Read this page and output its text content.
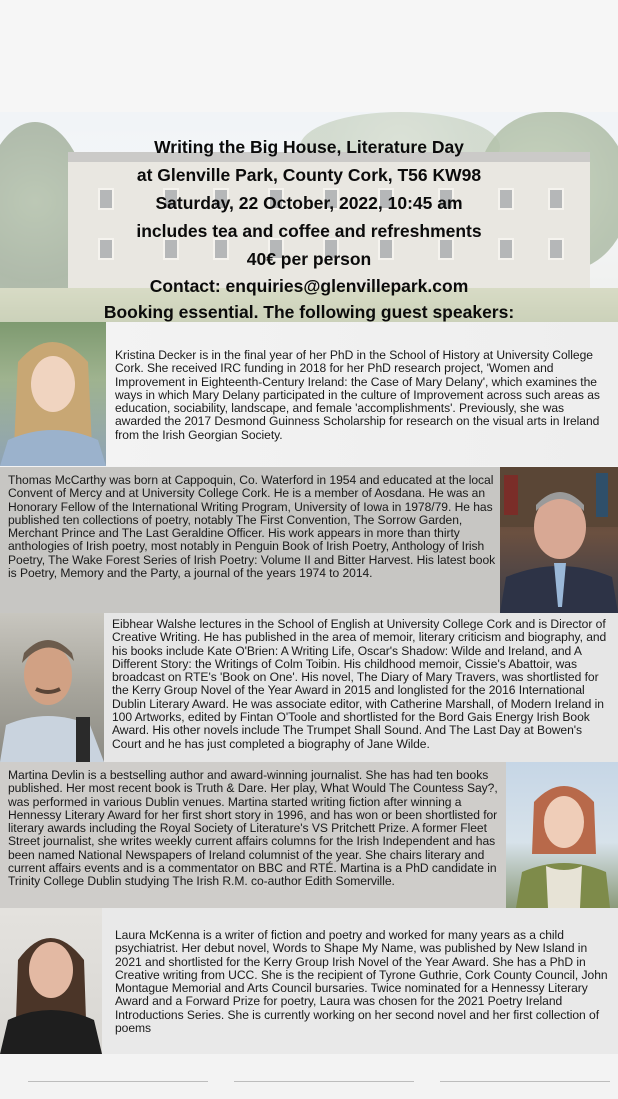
Writing the Big House, Literature Day
at Glenville Park, County Cork, T56 KW98
Saturday, 22 October, 2022, 10:45 am
includes tea and coffee and refreshments
40€ per person
Contact: enquiries@glenvillepark.com
Booking essential. The following guest speakers:
Kristina Decker is in the final year of her PhD in the School of History at University College Cork. She received IRC funding in 2018 for her PhD research project, 'Women and Improvement in Eighteenth-Century Ireland: the Case of Mary Delany', which examines the ways in which Mary Delany participated in the culture of Improvement across such areas as education, sociability, landscape, and female 'accomplishments'. Previously, she was awarded the 2017 Desmond Guinness Scholarship for research on the visual arts in Ireland from the Irish Georgian Society.
Thomas McCarthy was born at Cappoquin, Co. Waterford in 1954 and educated at the local Convent of Mercy and at University College Cork. He is a member of Aosdana. He was an Honorary Fellow of the International Writing Program, University of Iowa in 1978/79. He has published ten collections of poetry, notably The First Convention, The Sorrow Garden, Merchant Prince and The Last Geraldine Officer. His work appears in more than thirty anthologies of Irish poetry, most notably in Penguin Book of Irish Poetry, Anthology of Irish Poetry, The Wake Forest Series of Irish Poetry: Volume II and Bitter Harvest. His latest book is Poetry, Memory and the Party, a journal of the years 1974 to 2014.
Eibhear Walshe lectures in the School of English at University College Cork and is Director of Creative Writing. He has published in the area of memoir, literary criticism and biography, and his books include Kate O'Brien: A Writing Life, Oscar's Shadow: Wilde and Ireland, and A Different Story: the Writings of Colm Toibin. His childhood memoir, Cissie's Abattoir, was broadcast on RTE's 'Book on One'. His novel, The Diary of Mary Travers, was shortlisted for the Kerry Group Novel of the Year Award in 2015 and longlisted for the 2016 International Dublin Literary Award. He was associate editor, with Catherine Marshall, of Modern Ireland in 100 Artworks, edited by Fintan O'Toole and shortlisted for the Bord Gais Energy Irish Book Award. His other novels include The Trumpet Shall Sound. And The Last Day at Bowen's Court and he has just completed a biography of Jane Wilde.
Martina Devlin is a bestselling author and award-winning journalist. She has had ten books published. Her most recent book is Truth & Dare. Her play, What Would The Countess Say?, was performed in various Dublin venues. Martina started writing fiction after winning a Hennessy Literary Award for her first short story in 1996, and has won or been shortlisted for literary awards including the Royal Society of Literature's VS Pritchett Prize. A former Fleet Street journalist, she writes weekly current affairs columns for the Irish Independent and has been named National Newspapers of Ireland columnist of the year. She chairs literary and current affairs events and is a commentator on BBC and RTÉ. Martina is a PhD candidate in Trinity College Dublin studying The Irish R.M. co-author Edith Somerville.
Laura McKenna is a writer of fiction and poetry and worked for many years as a child psychiatrist. Her debut novel, Words to Shape My Name, was published by New Island in 2021 and shortlisted for the Kerry Group Irish Novel of the Year Award. She has a PhD in Creative writing from UCC. She is the recipient of Tyrone Guthrie, Cork County Council, John Montague Memorial and Arts Council bursaries. Twice nominated for a Hennessy Literary Award and a Forward Prize for poetry, Laura was chosen for the 2021 Poetry Ireland Introductions Series. She is currently working on her second novel and her first collection of poems
